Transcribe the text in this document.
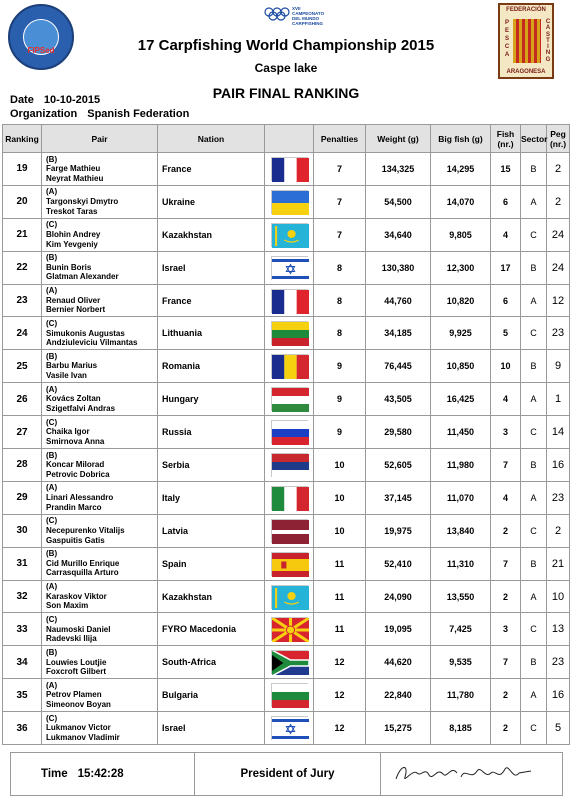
FIPSed
XVII
CAMPEONATO
DEL MUNDO
CARPFISHING
FEDERACIÓN
P
E
S
C
A
C
A
S
T
I
N
G
ARAGONESA
17 Carpfishing World Championship 2015
Caspe lake
PAIR FINAL RANKING
Date 10-10-2015
Organization Spanish Federation
Ranking	Pair	Nation		Penalties	Weight (g)	Big fish (g)	Fish (nr.)	Sector	Peg (nr.)
19	(B)
Farge Mathieu
Neyrat Mathieu	France		7	134,325	14,295	15	B	2
20	(A)
Targonskyi Dmytro
Treskot Taras	Ukraine		7	54,500	14,070	6	A	2
21	(C)
Blohin Andrey
Kim Yevgeniy	Kazakhstan		7	34,640	9,805	4	C	24
22	(B)
Bunin Boris
Glatman Alexander	Israel		8	130,380	12,300	17	B	24
23	(A)
Renaud Oliver
Bernier Norbert	France		8	44,760	10,820	6	A	12
24	(C)
Simukonis Augustas
Andziuleviciu Vilmantas	Lithuania		8	34,185	9,925	5	C	23
25	(B)
Barbu Marius
Vasile Ivan	Romania		9	76,445	10,850	10	B	9
26	(A)
Kovács Zoltan
Szigetfalvi Andras	Hungary		9	43,505	16,425	4	A	1
27	(C)
Chaika Igor
Smirnova Anna	Russia		9	29,580	11,450	3	C	14
28	(B)
Koncar Milorad
Petrovic Dobrica	Serbia		10	52,605	11,980	7	B	16
29	(A)
Linari Alessandro
Prandin Marco	Italy		10	37,145	11,070	4	A	23
30	(C)
Necepurenko Vitalijs
Gaspuitis Gatis	Latvia		10	19,975	13,840	2	C	2
31	(B)
Cid Murillo Enrique
Carrasquilla Arturo	Spain		11	52,410	11,310	7	B	21
32	(A)
Karaskov Viktor
Son Maxim	Kazakhstan		11	24,090	13,550	2	A	10
33	(C)
Naumoski Daniel
Radevski Ilija	FYRO Macedonia		11	19,095	7,425	3	C	13
34	(B)
Louwies Loutjie
Foxcroft Gilbert	South-Africa		12	44,620	9,535	7	B	23
35	(A)
Petrov Plamen
Simeonov Boyan	Bulgaria		12	22,840	11,780	2	A	16
36	(C)
Lukmanov Victor
Lukmanov Vladimir	Israel		12	15,275	8,185	2	C	5
Time 15:42:28	President of Jury
